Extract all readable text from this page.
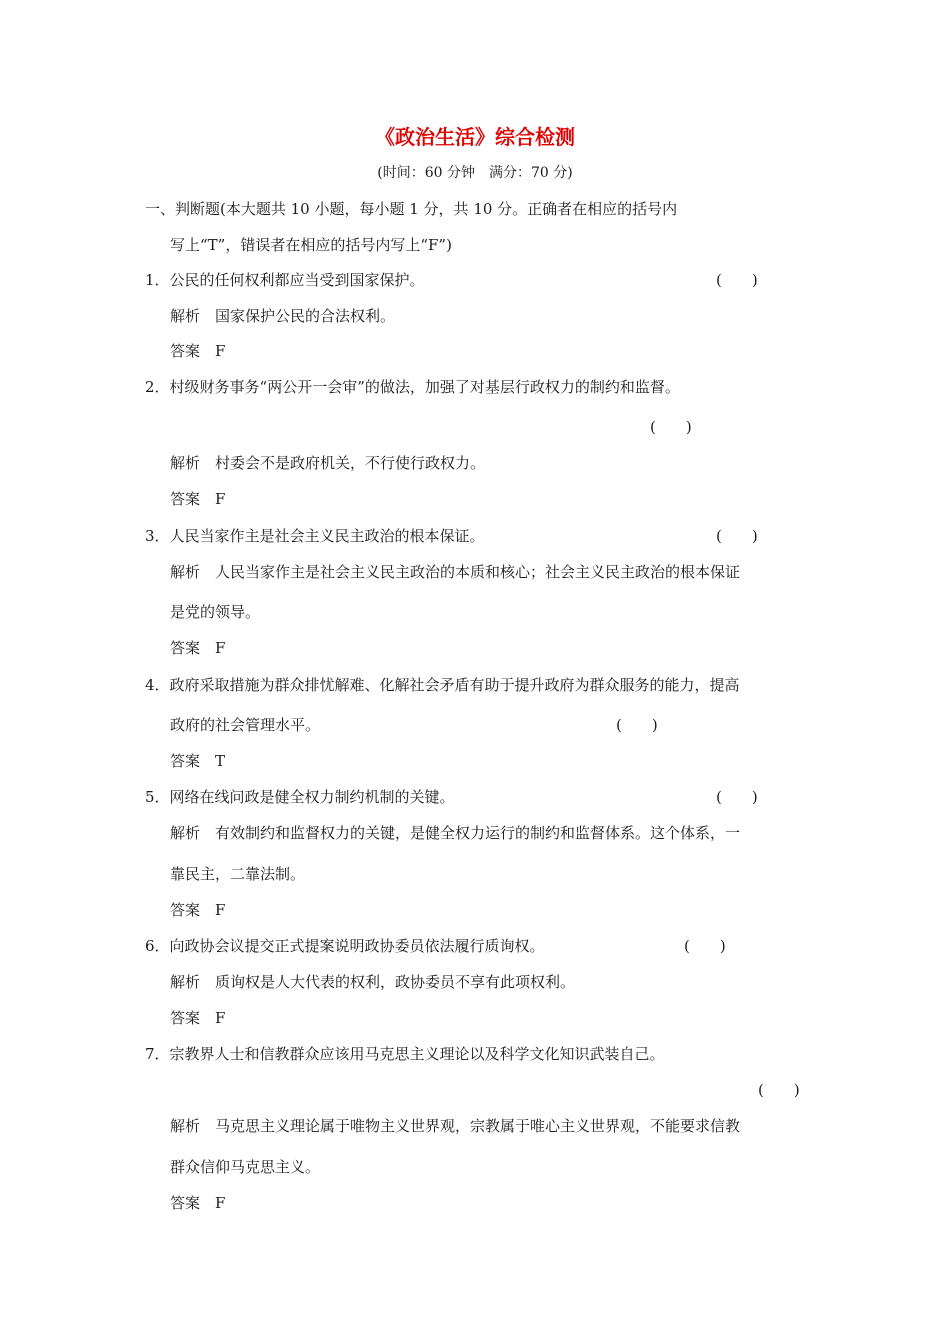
《政治生活》综合检测
(时间：60 分钟　满分：70 分)
一、判断题(本大题共 10 小题，每小题 1 分，共 10 分。正确者在相应的括号内
写上“T”，错误者在相应的括号内写上“F”)
1．公民的任何权利都应当受到国家保护。	(　　)
解析　 国家保护公民的合法权利。
答案　 F
2．村级财务事务“两公开一会审”的做法，加强了对基层行政权力的制约和监督。
(　　)
解析　 村委会不是政府机关，不行使行政权力。
答案　 F
3．人民当家作主是社会主义民主政治的根本保证。	(　　)
解析　 人民当家作主是社会主义民主政治的本质和核心；社会主义民主政治的根本保证
是党的领导。
答案　 F
4．政府采取措施为群众排忧解难、化解社会矛盾有助于提升政府为群众服务的能力，提高
政府的社会管理水平。	(　　)
答案　 T
5．网络在线问政是健全权力制约机制的关键。	(　　)
解析　 有效制约和监督权力的关键，是健全权力运行的制约和监督体系。这个体系，一
靠民主，二靠法制。
答案　 F
6．向政协会议提交正式提案说明政协委员依法履行质询权。	(　　)
解析　 质询权是人大代表的权利，政协委员不享有此项权利。
答案　 F
7．宗教界人士和信教群众应该用马克思主义理论以及科学文化知识武装自己。
(　　)
解析　 马克思主义理论属于唯物主义世界观，宗教属于唯心主义世界观，不能要求信教
群众信仰马克思主义。
答案　 F
